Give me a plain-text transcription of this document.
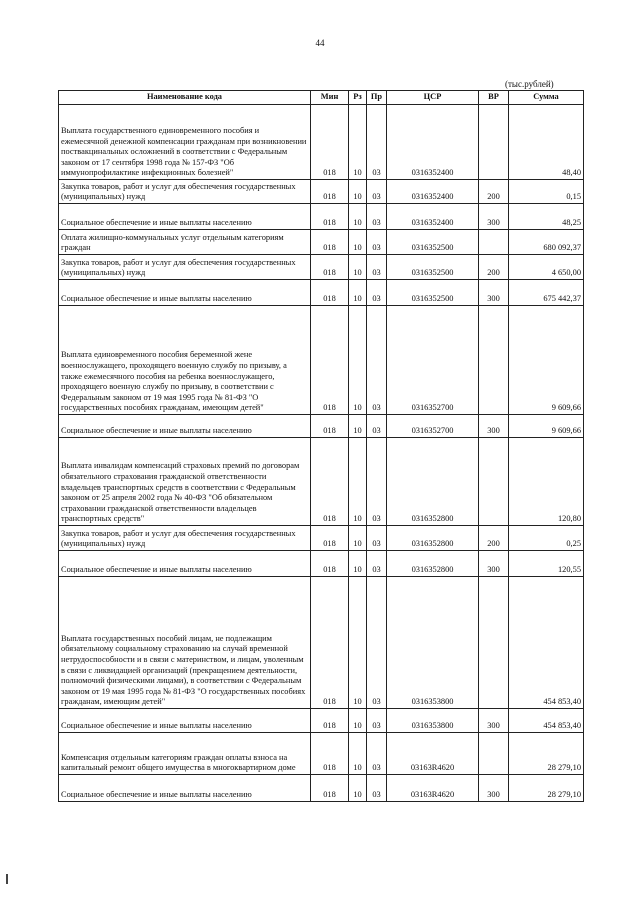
44
(тыс.рублей)
Наименование кода	Мин	Рз	Пр	ЦСР	ВР	Сумма
Выплата государственного единовременного пособия и ежемесячной денежной компенсации гражданам при возникновении поствакцинальных осложнений в соответствии с Федеральным законом от 17 сентября 1998 года № 157-ФЗ "Об иммунопрофилактике инфекционных болезней"	018	10	03	0316352400		48,40
Закупка товаров, работ и услуг для обеспечения государственных (муниципальных) нужд	018	10	03	0316352400	200	0,15
Социальное обеспечение и иные выплаты населению	018	10	03	0316352400	300	48,25
Оплата жилищно-коммунальных услуг отдельным категориям граждан	018	10	03	0316352500		680 092,37
Закупка товаров, работ и услуг для обеспечения государственных (муниципальных) нужд	018	10	03	0316352500	200	4 650,00
Социальное обеспечение и иные выплаты населению	018	10	03	0316352500	300	675 442,37
Выплата единовременного пособия беременной жене военнослужащего, проходящего военную службу по призыву, а также ежемесячного пособия на ребенка военнослужащего, проходящего военную службу по призыву, в соответствии с Федеральным законом от 19 мая 1995 года № 81-ФЗ "О государственных пособиях гражданам, имеющим детей"	018	10	03	0316352700		9 609,66
Социальное обеспечение и иные выплаты населению	018	10	03	0316352700	300	9 609,66
Выплата инвалидам компенсаций страховых премий по договорам обязательного страхования гражданской ответственности владельцев транспортных средств в соответствии с Федеральным законом от 25 апреля 2002 года № 40-ФЗ "Об обязательном страховании гражданской ответственности владельцев транспортных средств"	018	10	03	0316352800		120,80
Закупка товаров, работ и услуг для обеспечения государственных (муниципальных) нужд	018	10	03	0316352800	200	0,25
Социальное обеспечение и иные выплаты населению	018	10	03	0316352800	300	120,55
Выплата государственных пособий лицам, не подлежащим обязательному социальному страхованию на случай временной нетрудоспособности и в связи с материнством, и лицам, уволенным в связи с ликвидацией организаций (прекращением деятельности, полномочий физическими лицами), в соответствии с Федеральным законом от 19 мая 1995 года № 81-ФЗ "О государственных пособиях гражданам, имеющим детей"	018	10	03	0316353800		454 853,40
Социальное обеспечение и иные выплаты населению	018	10	03	0316353800	300	454 853,40
Компенсация отдельным категориям граждан оплаты взноса на капитальный ремонт общего имущества в многоквартирном доме	018	10	03	03163R4620		28 279,10
Социальное обеспечение и иные выплаты населению	018	10	03	03163R4620	300	28 279,10
